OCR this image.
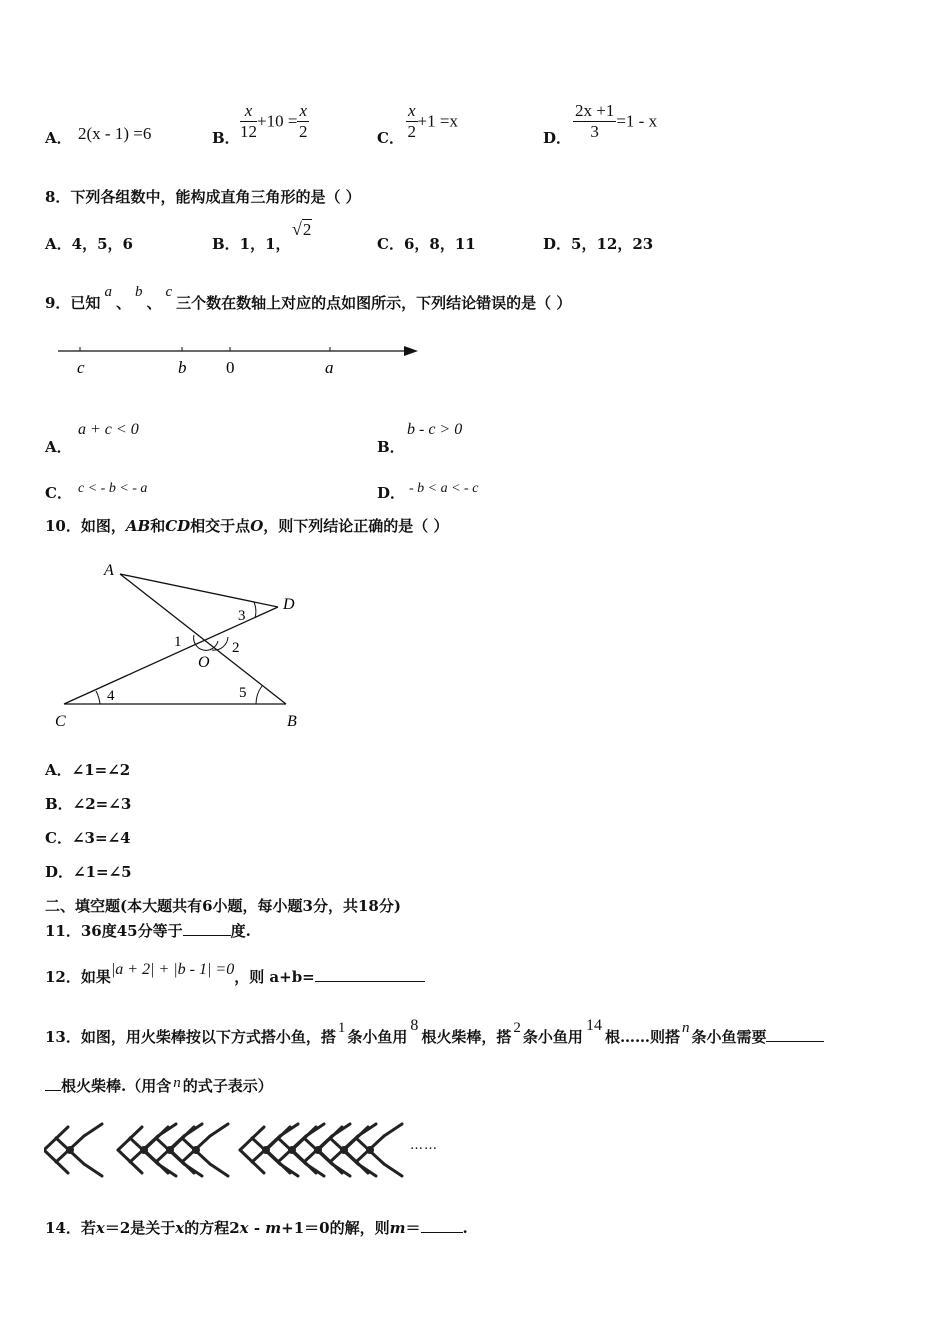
A． 2(x - 1) =6	B． $\frac{x}{12} +10 = \frac{x}{2}$	C． $\frac{x}{2} +1 =x$
D． $\frac{2x +1}{3} =1 - x$
8．下列各组数中，能构成直角三角形的是（ ）
A．4，5，6	B．1，1，
√2
C．6，8，11	D．5，12，23
9．已知a、b、c三个数在数轴上对应的点如图所示，下列结论错误的是（ ）
c	b 0	a
A．
a + c < 0
B．
b - c > 0
C． c < - b < - a	D． - b < a < - c
10．如图，AB和CD相交于点O，则下列结论正确的是（ ）
A
D
C	B
O
1	2
3
4	5
A．∠1=∠2
B．∠2=∠3
C．∠3=∠4
D．∠1=∠5
二、填空题(本大题共有6小题，每小题3分，共18分)
11．36度45分等于	度.
12．如果|a + 2| + |b - 1| =0，则 a+b=
13．如图，用火柴棒按以下方式搭小鱼，搭 1 条小鱼用8根火柴棒，搭 2 条小鱼用14根……则搭 n 条小鱼需要
根火柴棒.（用含 n 的式子表示）
……
14．若x＝2是关于x的方程2x - m+1＝0的解，则m＝	.
